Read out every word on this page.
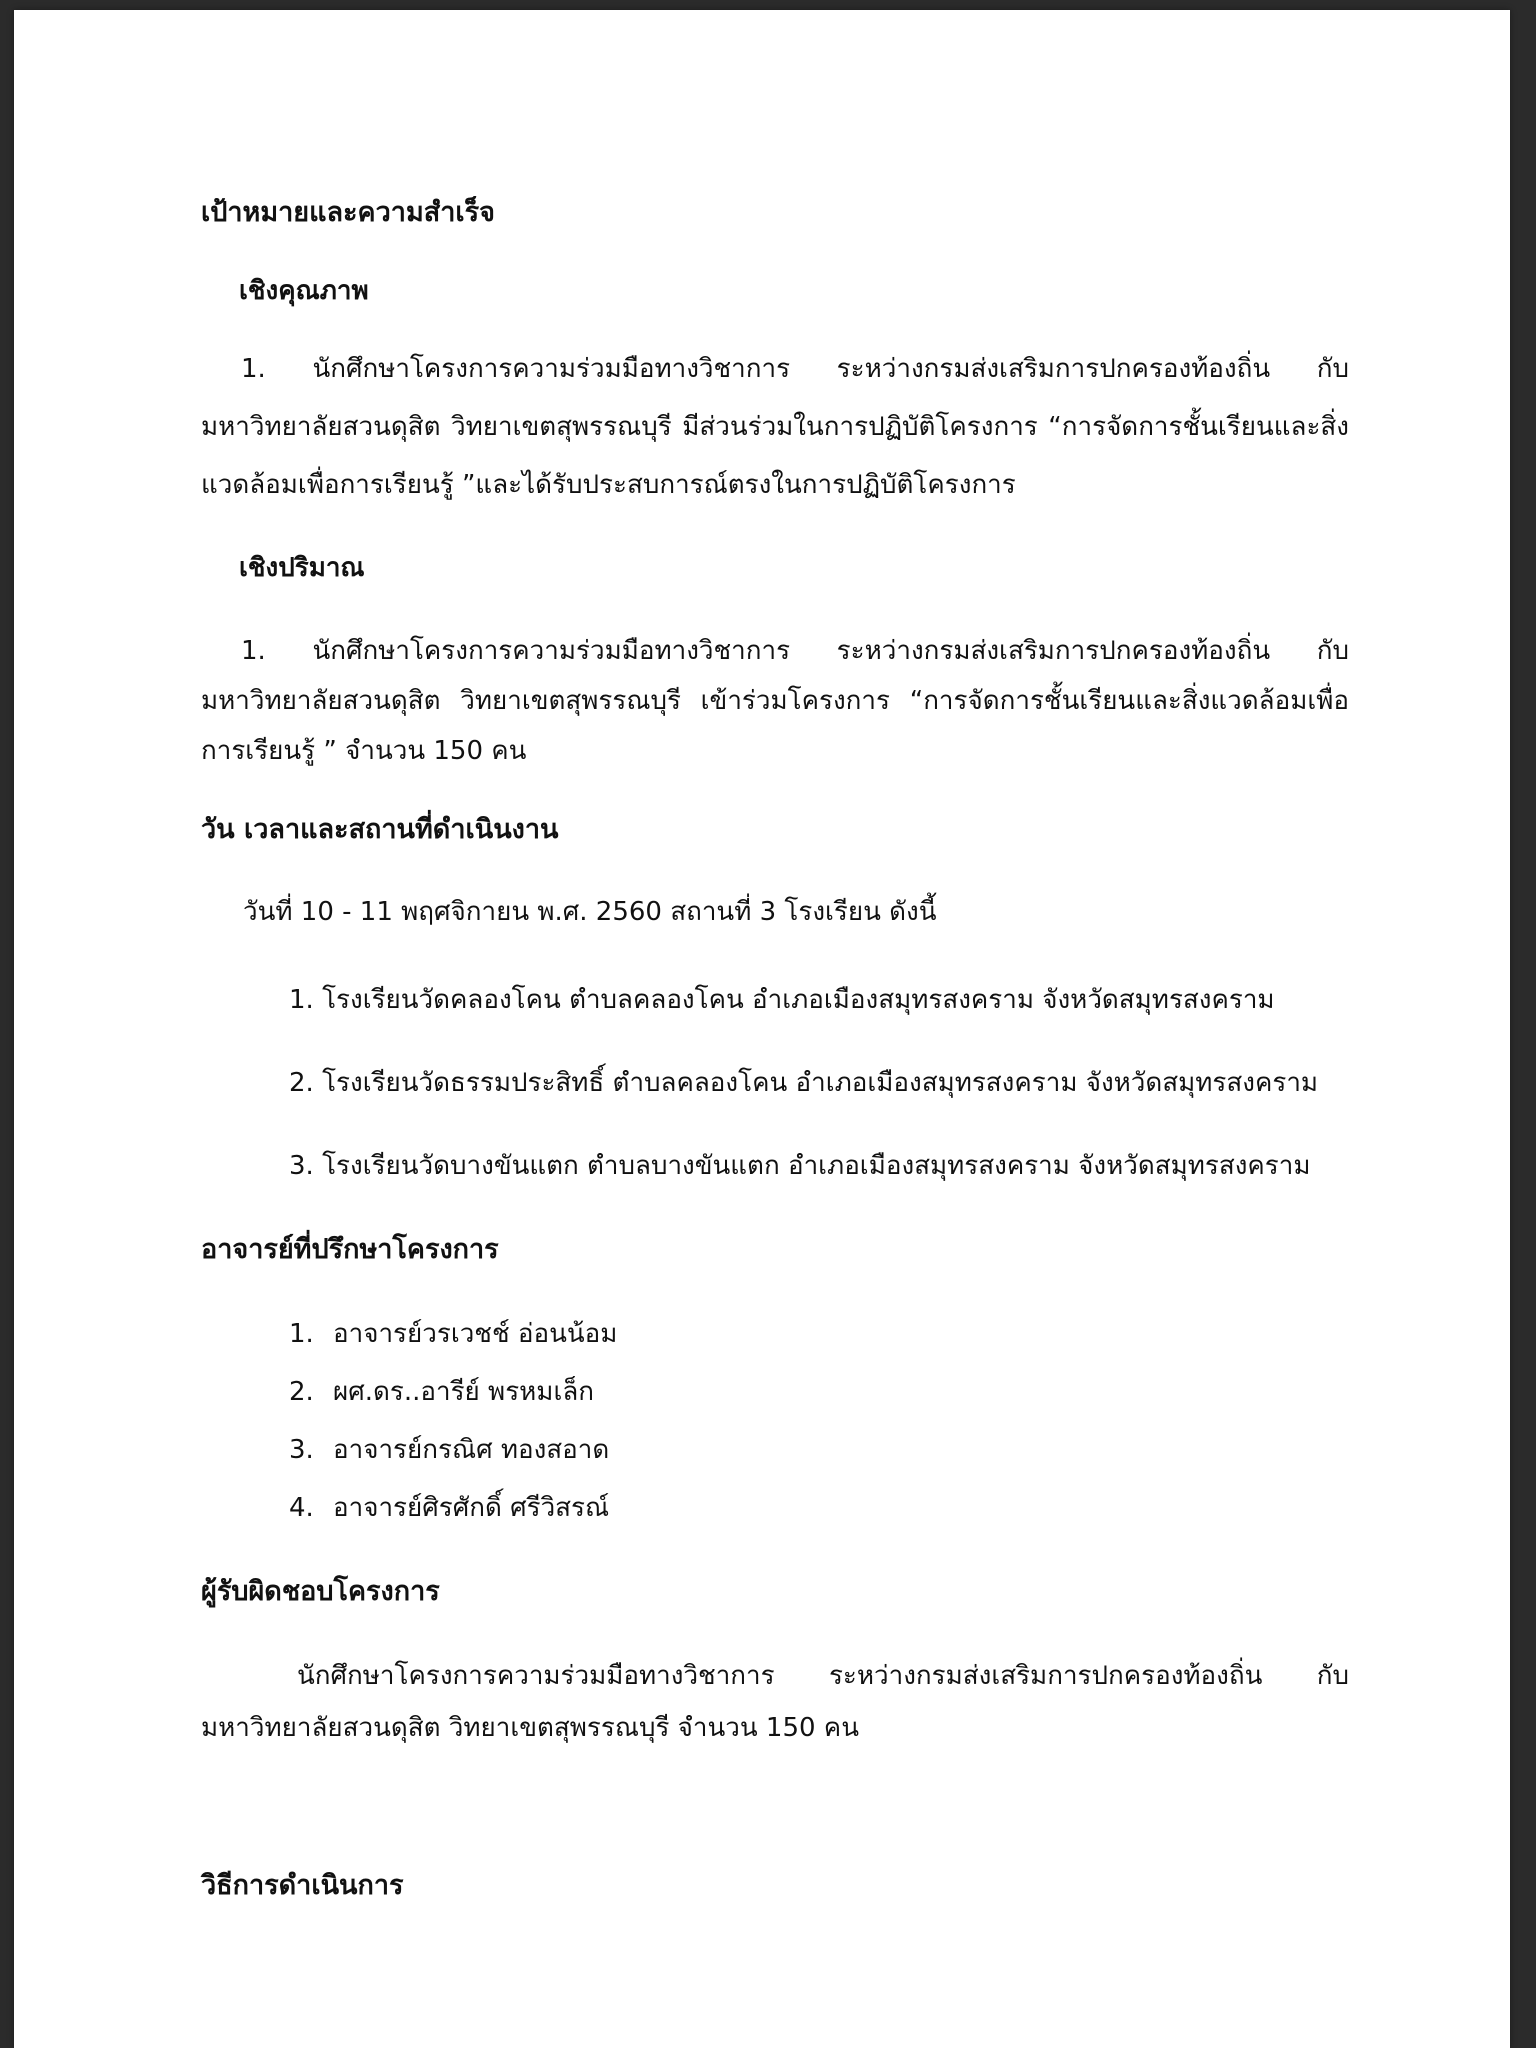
เป้าหมายและความสำเร็จ
เชิงคุณภาพ
1. นักศึกษาโครงการความร่วมมือทางวิชาการ ระหว่างกรมส่งเสริมการปกครองท้องถิ่น กับมหาวิทยาลัยสวนดุสิต วิทยาเขตสุพรรณบุรี มีส่วนร่วมในการปฏิบัติโครงการ “การจัดการชั้นเรียนและสิ่งแวดล้อมเพื่อการเรียนรู้ ”และได้รับประสบการณ์ตรงในการปฏิบัติโครงการ
เชิงปริมาณ
1. นักศึกษาโครงการความร่วมมือทางวิชาการ ระหว่างกรมส่งเสริมการปกครองท้องถิ่น กับมหาวิทยาลัยสวนดุสิต วิทยาเขตสุพรรณบุรี เข้าร่วมโครงการ “การจัดการชั้นเรียนและสิ่งแวดล้อมเพื่อการเรียนรู้ ” จำนวน 150 คน
วัน เวลาและสถานที่ดำเนินงาน
วันที่ 10 - 11 พฤศจิกายน พ.ศ. 2560 สถานที่ 3 โรงเรียน ดังนี้
1. โรงเรียนวัดคลองโคน ตำบลคลองโคน อำเภอเมืองสมุทรสงคราม จังหวัดสมุทรสงคราม
2. โรงเรียนวัดธรรมประสิทธิ์ ตำบลคลองโคน อำเภอเมืองสมุทรสงคราม จังหวัดสมุทรสงคราม
3. โรงเรียนวัดบางขันแตก ตำบลบางขันแตก อำเภอเมืองสมุทรสงคราม จังหวัดสมุทรสงคราม
อาจารย์ที่ปรึกษาโครงการ
1. อาจารย์วรเวชช์ อ่อนน้อม
2. ผศ.ดร..อารีย์ พรหมเล็ก
3. อาจารย์กรณิศ ทองสอาด
4. อาจารย์ศิรศักดิ์ ศรีวิสรณ์
ผู้รับผิดชอบโครงการ
นักศึกษาโครงการความร่วมมือทางวิชาการ ระหว่างกรมส่งเสริมการปกครองท้องถิ่น กับมหาวิทยาลัยสวนดุสิต วิทยาเขตสุพรรณบุรี จำนวน 150 คน
วิธีการดำเนินการ
